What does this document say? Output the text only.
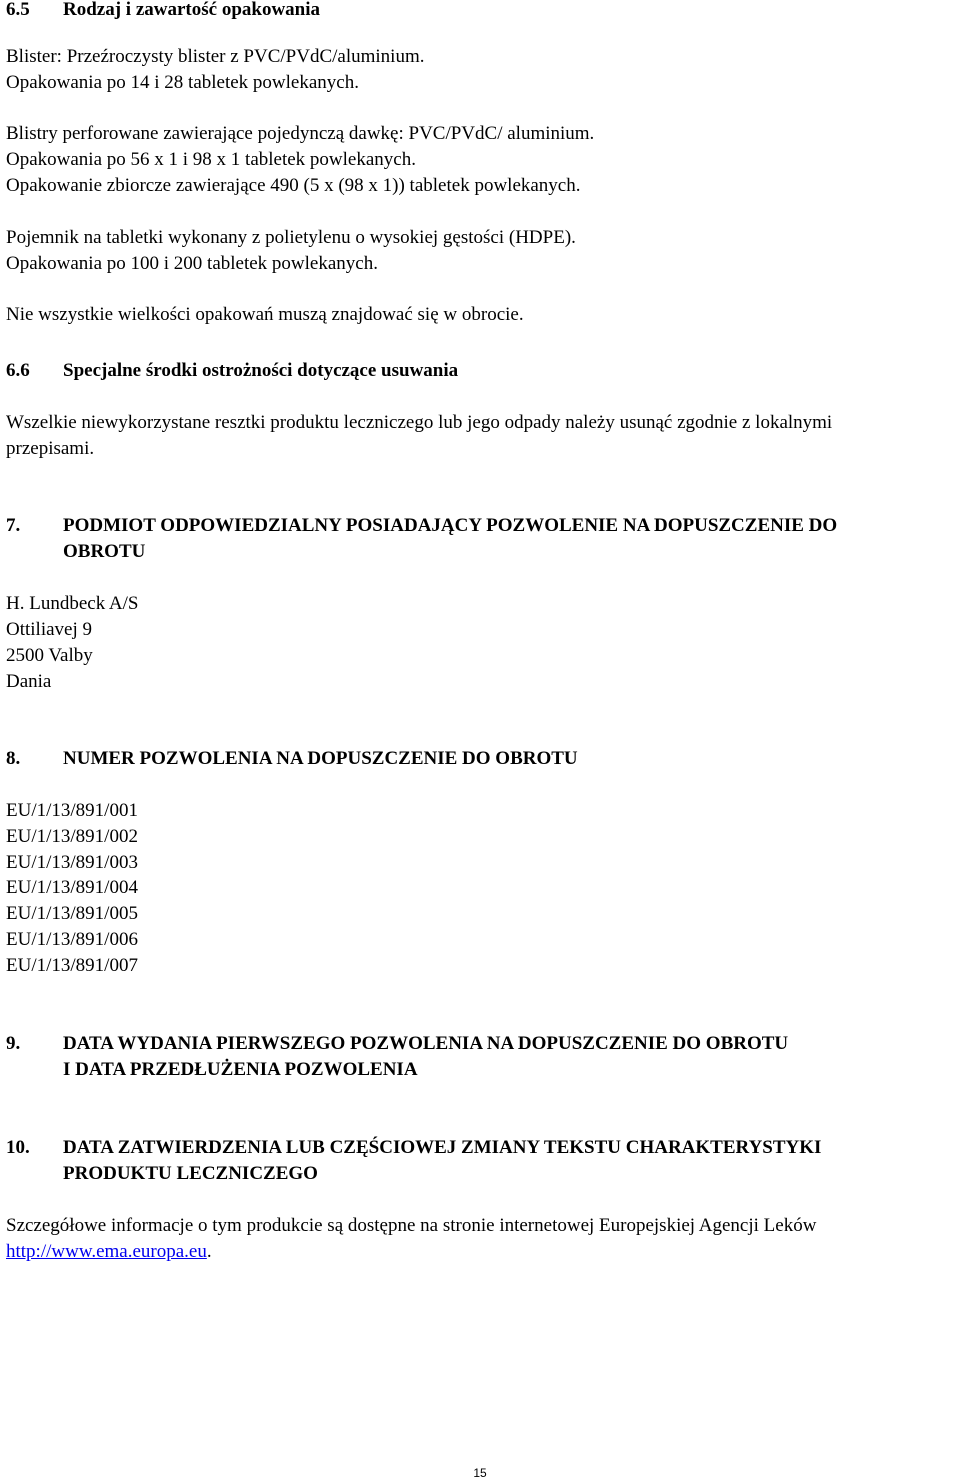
6.5 Rodzaj i zawartość opakowania

Blister: Przeźroczysty blister z PVC/PVdC/aluminium.

Opakowania po 14 i 28 tabletek powlekanych.

Blistry perforowane zawierające pojedynczą dawkę: PVC/PVdC/ aluminium.

Opakowania po 56 x 1 i 98 x 1 tabletek powlekanych.

Opakowanie zbiorcze zawierające 490 (5 x (98 x 1)) tabletek powlekanych.

Pojemnik na tabletki wykonany z polietylenu o wysokiej gęstości (HDPE).

Opakowania po 100 i 200 tabletek powlekanych.

Nie wszystkie wielkości opakowań muszą znajdować się w obrocie.

6.6 Specjalne środki ostrożności dotyczące usuwania

Wszelkie niewykorzystane resztki produktu leczniczego lub jego odpady należy usunąć zgodnie z lokalnymi

przepisami.

7. PODMIOT ODPOWIEDZIALNY POSIADAJĄCY POZWOLENIE NA DOPUSZCZENIE DO

OBROTU

H. Lundbeck A/S

Ottiliavej 9

2500 Valby

Dania

8. NUMER POZWOLENIA NA DOPUSZCZENIE DO OBROTU

EU/1/13/891/001

EU/1/13/891/002

EU/1/13/891/003

EU/1/13/891/004

EU/1/13/891/005

EU/1/13/891/006

EU/1/13/891/007

9. DATA WYDANIA PIERWSZEGO POZWOLENIA NA DOPUSZCZENIE DO OBROTU

I DATA PRZEDŁUŻENIA POZWOLENIA

10. DATA ZATWIERDZENIA LUB CZĘŚCIOWEJ ZMIANY TEKSTU CHARAKTERYSTYKI

PRODUKTU LECZNICZEGO

Szczegółowe informacje o tym produkcie są dostępne na stronie internetowej Europejskiej Agencji Leków

http://www.ema.europa.eu.

15
